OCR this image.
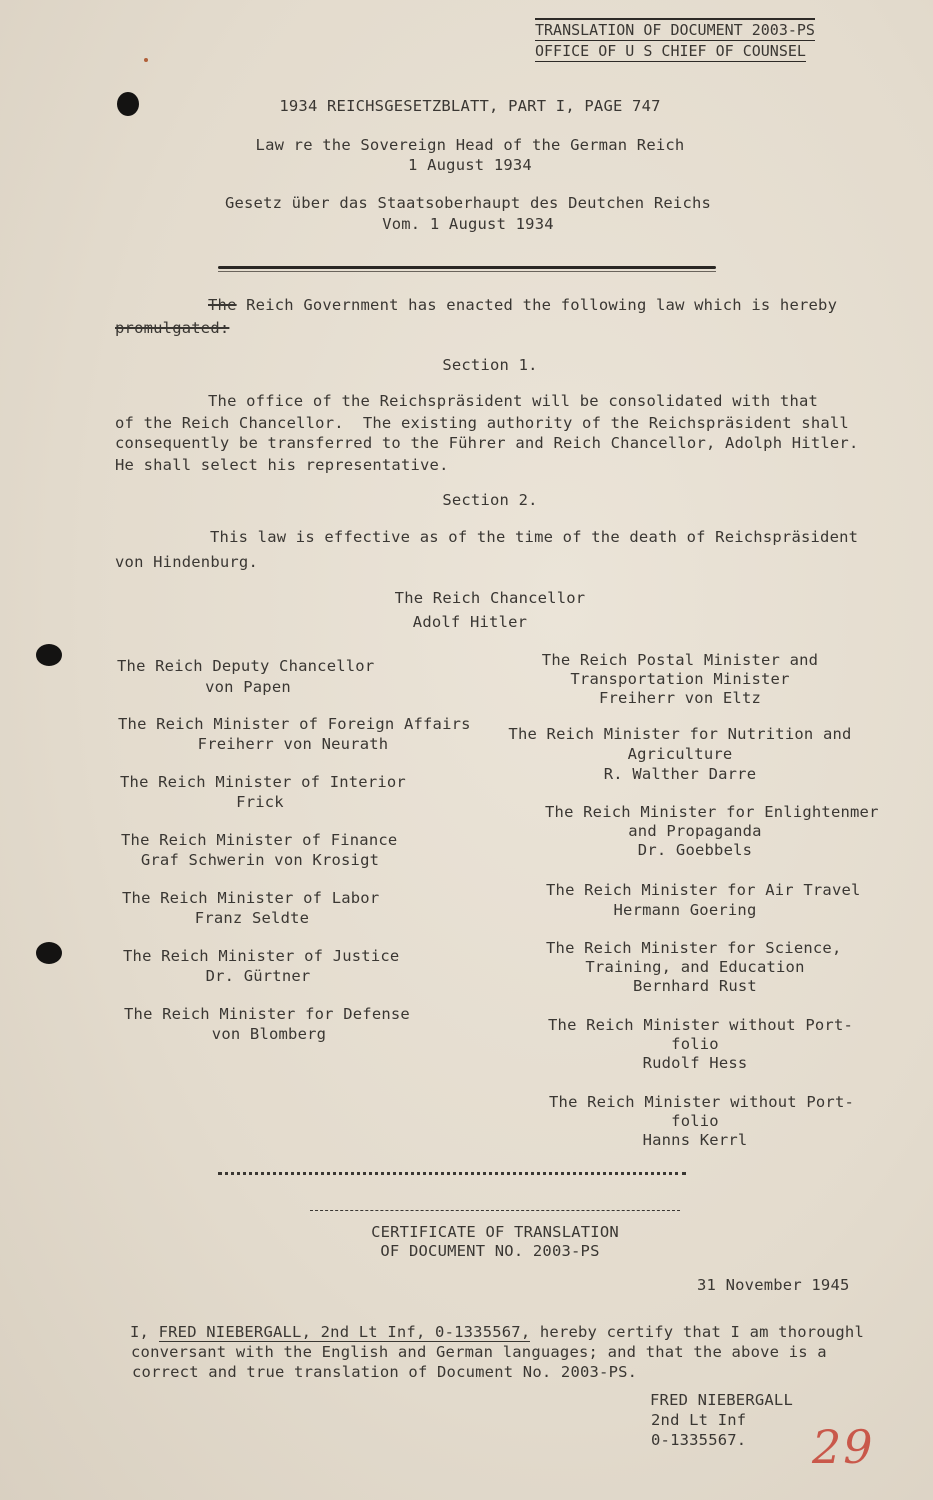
TRANSLATION OF DOCUMENT 2003-PS
OFFICE OF U S CHIEF OF COUNSEL
1934 REICHSGESETZBLATT, PART I, PAGE 747
Law re the Sovereign Head of the German Reich
1 August 1934
Gesetz über das Staatsoberhaupt des Deutchen Reichs
Vom. 1 August 1934
The Reich Government has enacted the following law which is hereby
promulgated:
Section 1.
The office of the Reichspräsident will be consolidated with that
of the Reich Chancellor.  The existing authority of the Reichspräsident shall
consequently be transferred to the Führer and Reich Chancellor, Adolph Hitler.
He shall select his representative.
Section 2.
This law is effective as of the time of the death of Reichspräsident
von Hindenburg.
The Reich Chancellor
Adolf Hitler
The Reich Deputy Chancellor
von Papen
The Reich Minister of Foreign Affairs
Freiherr von Neurath
The Reich Minister of Interior
Frick
The Reich Minister of Finance
Graf Schwerin von Krosigt
The Reich Minister of Labor
Franz Seldte
The Reich Minister of Justice
Dr. Gürtner
The Reich Minister for Defense
von Blomberg
The Reich Postal Minister and
Transportation Minister
Freiherr von Eltz
The Reich Minister for Nutrition and
Agriculture
R. Walther Darre
The Reich Minister for Enlightenmer
and Propaganda
Dr. Goebbels
The Reich Minister for Air Travel
Hermann Goering
The Reich Minister for Science,
Training, and Education
Bernhard Rust
The Reich Minister without Port-
folio
Rudolf Hess
The Reich Minister without Port-
folio
Hanns Kerrl
CERTIFICATE OF TRANSLATION
OF DOCUMENT NO. 2003-PS
31 November 1945
I, FRED NIEBERGALL, 2nd Lt Inf, 0-1335567, hereby certify that I am thoroughl
conversant with the English and German languages; and that the above is a
correct and true translation of Document No. 2003-PS.
FRED NIEBERGALL
2nd Lt Inf
0-1335567. 29
